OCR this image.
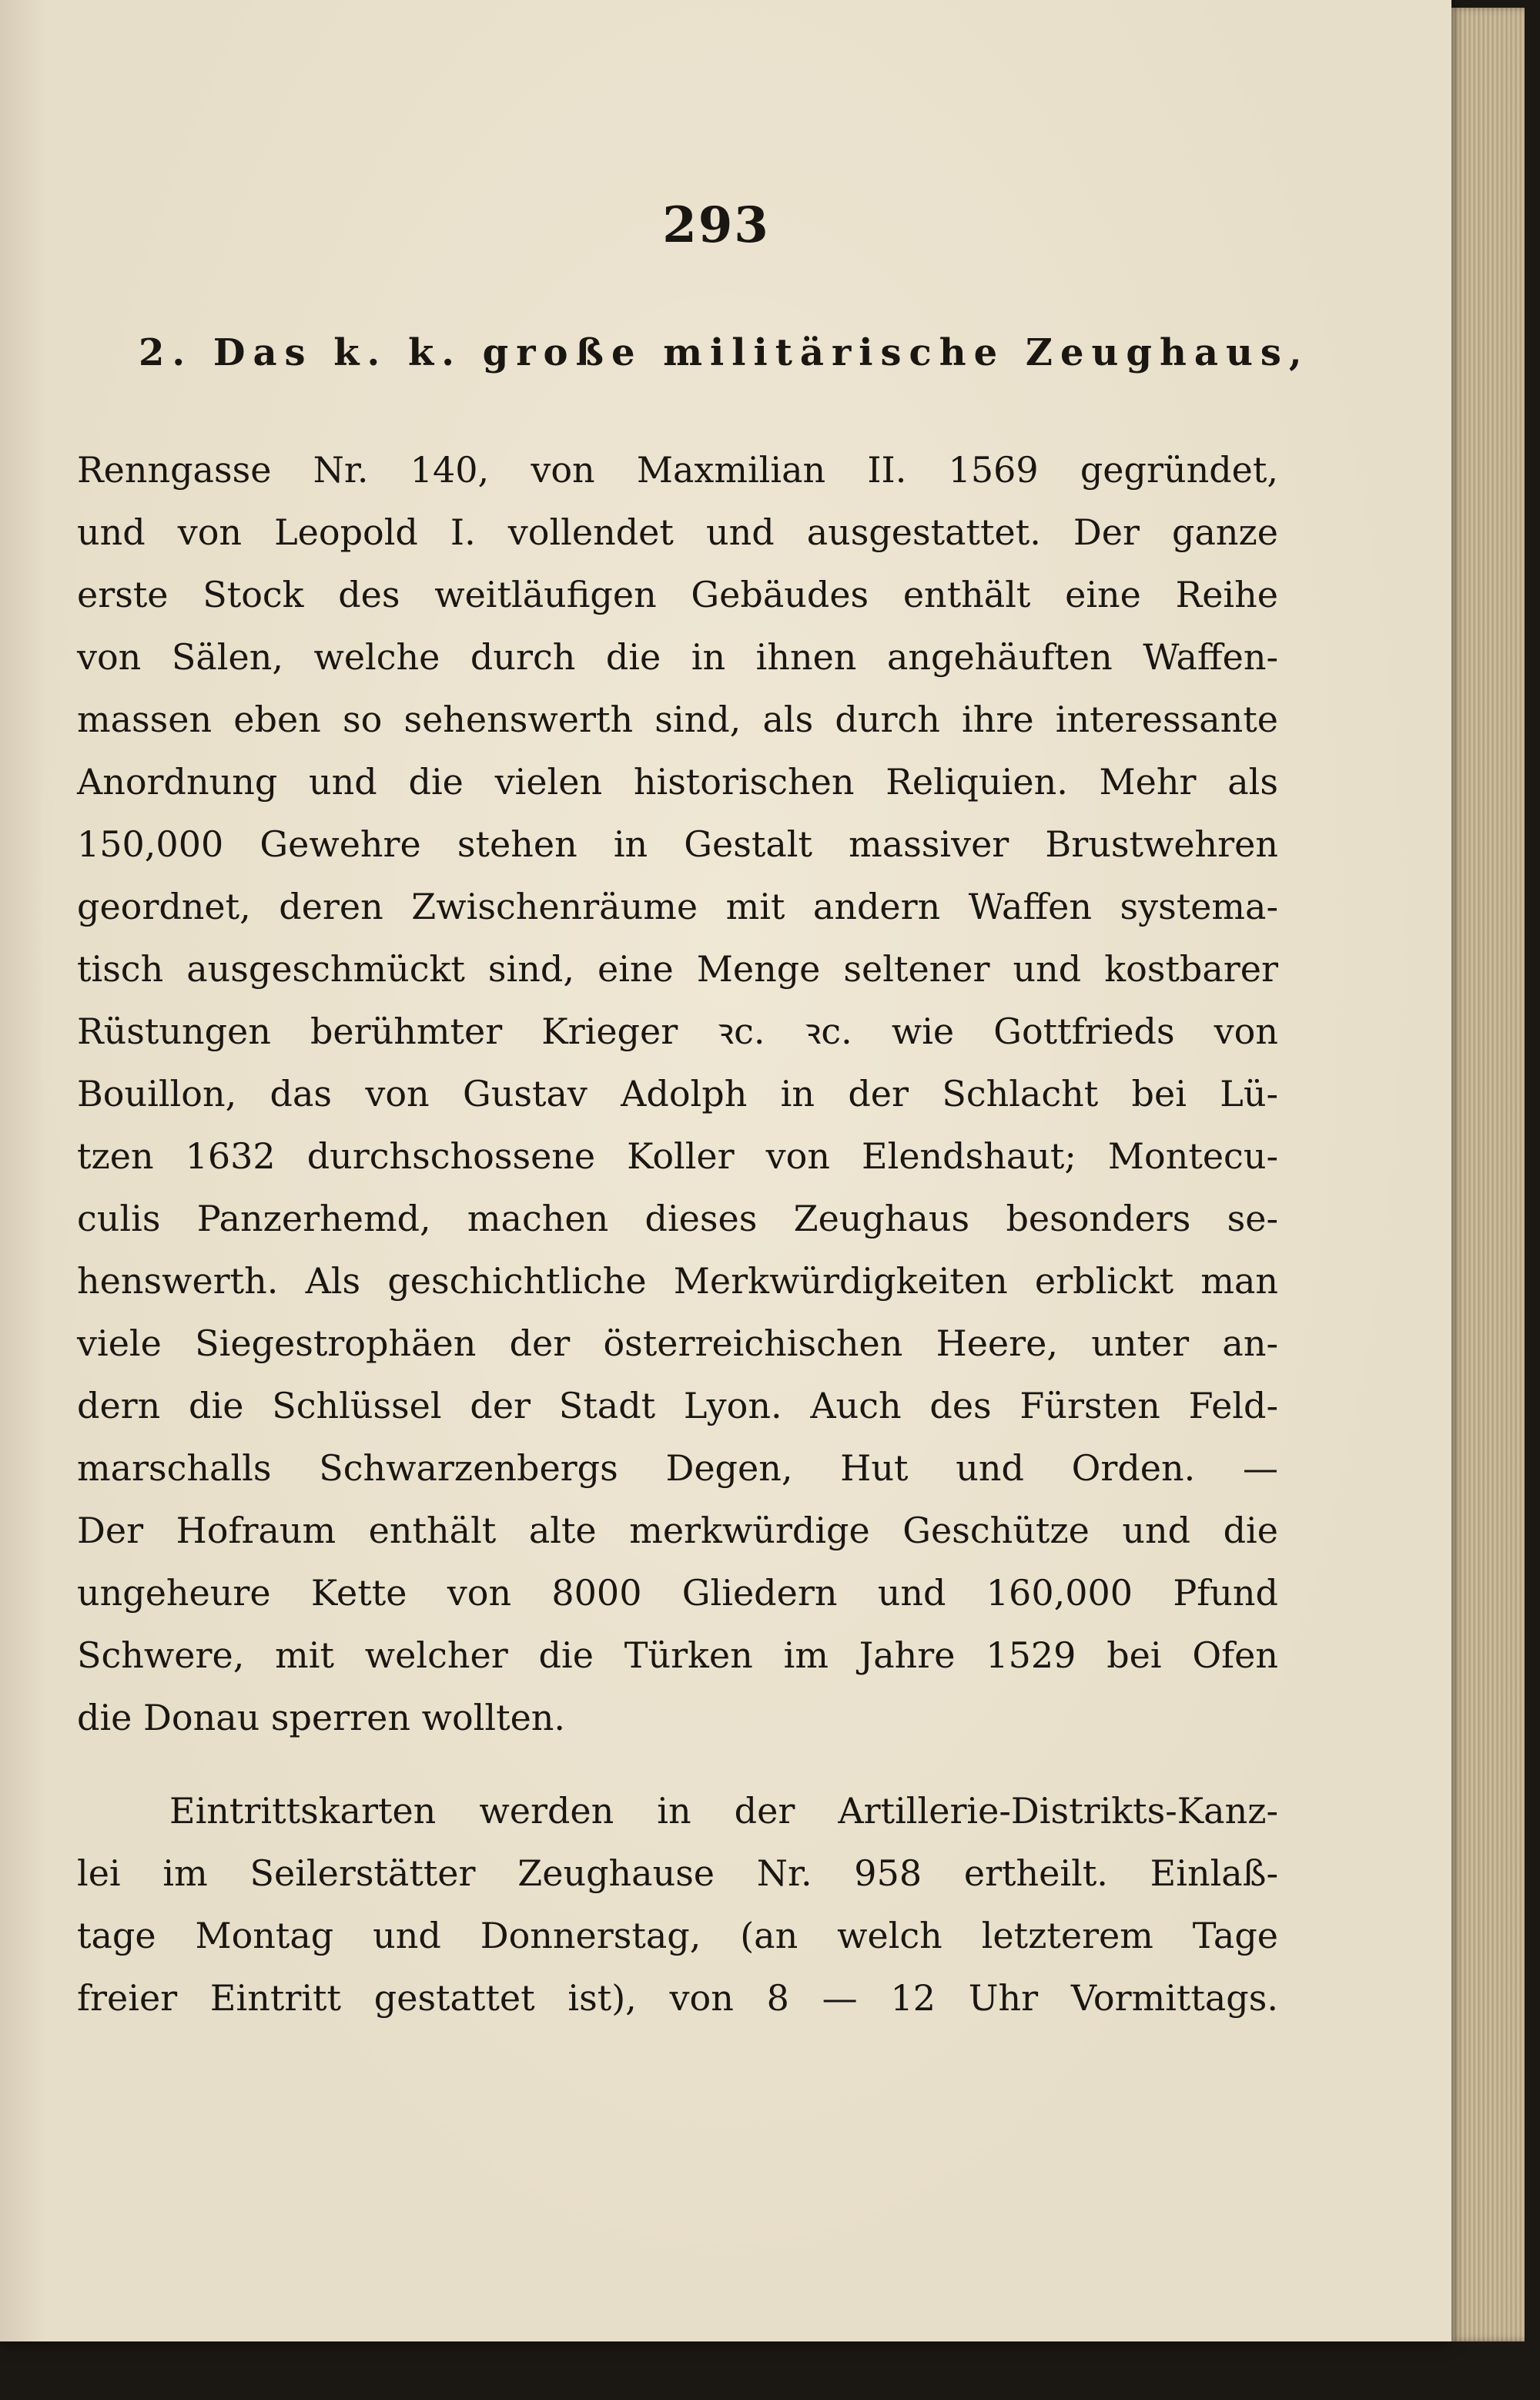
293
2. Das k. k. große militärische Zeughaus,
Renngasse Nr. 140, von Maxmilian II. 1569 gegründet,
und von Leopold I. vollendet und ausgestattet. Der ganze
erste Stock des weitläufigen Gebäudes enthält eine Reihe
von Sälen, welche durch die in ihnen angehäuften Waffen-
massen eben so sehenswerth sind, als durch ihre interessante
Anordnung und die vielen historischen Reliquien. Mehr als
150,000 Gewehre stehen in Gestalt massiver Brustwehren
geordnet, deren Zwischenräume mit andern Waffen systema-
tisch ausgeschmückt sind, eine Menge seltener und kostbarer
Rüstungen berühmter Krieger ꝛc. ꝛc. wie Gottfrieds von
Bouillon, das von Gustav Adolph in der Schlacht bei Lü-
tzen 1632 durchschossene Koller von Elendshaut; Montecu-
culis Panzerhemd, machen dieses Zeughaus besonders se-
henswerth. Als geschichtliche Merkwürdigkeiten erblickt man
viele Siegestrophäen der österreichischen Heere, unter an-
dern die Schlüssel der Stadt Lyon. Auch des Fürsten Feld-
marschalls Schwarzenbergs Degen, Hut und Orden. —
Der Hofraum enthält alte merkwürdige Geschütze und die
ungeheure Kette von 8000 Gliedern und 160,000 Pfund
Schwere, mit welcher die Türken im Jahre 1529 bei Ofen
die Donau sperren wollten.
Eintrittskarten werden in der Artillerie-Distrikts-Kanz-
lei im Seilerstätter Zeughause Nr. 958 ertheilt. Einlaß-
tage Montag und Donnerstag, (an welch letzterem Tage
freier Eintritt gestattet ist), von 8 — 12 Uhr Vormittags.
